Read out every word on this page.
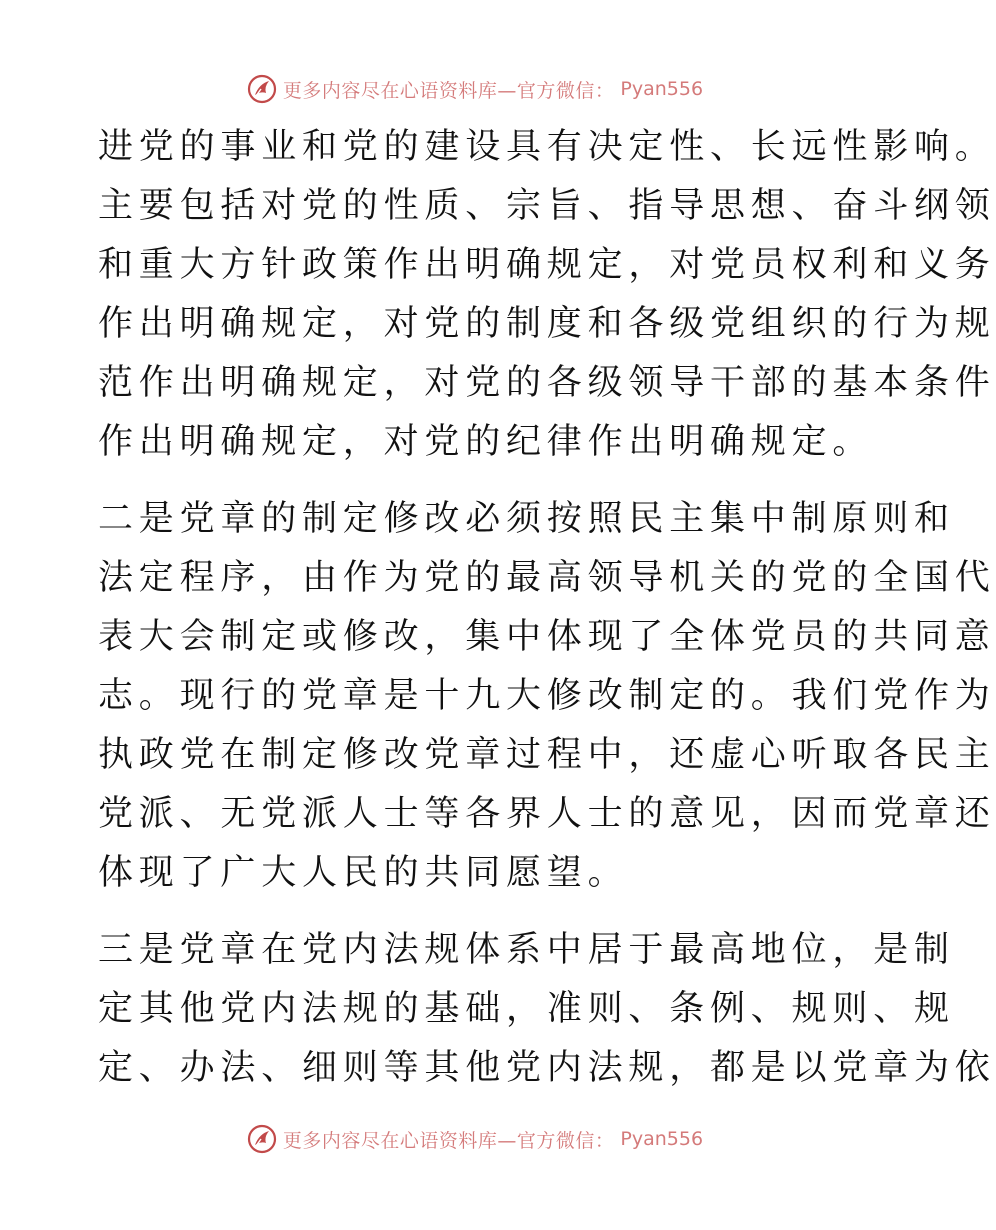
更多内容尽在心语资料库—官方微信： Pyan556
进党的事业和党的建设具有决定性、长远性影响。
主要包括对党的性质、宗旨、指导思想、奋斗纲领
和重大方针政策作出明确规定，对党员权利和义务
作出明确规定，对党的制度和各级党组织的行为规
范作出明确规定，对党的各级领导干部的基本条件
作出明确规定，对党的纪律作出明确规定。
二是党章的制定修改必须按照民主集中制原则和
法定程序，由作为党的最高领导机关的党的全国代
表大会制定或修改，集中体现了全体党员的共同意
志。现行的党章是十九大修改制定的。我们党作为
执政党在制定修改党章过程中，还虚心听取各民主
党派、无党派人士等各界人士的意见，因而党章还
体现了广大人民的共同愿望。
三是党章在党内法规体系中居于最高地位，是制
定其他党内法规的基础，准则、条例、规则、规
定、办法、细则等其他党内法规，都是以党章为依
更多内容尽在心语资料库—官方微信： Pyan556
